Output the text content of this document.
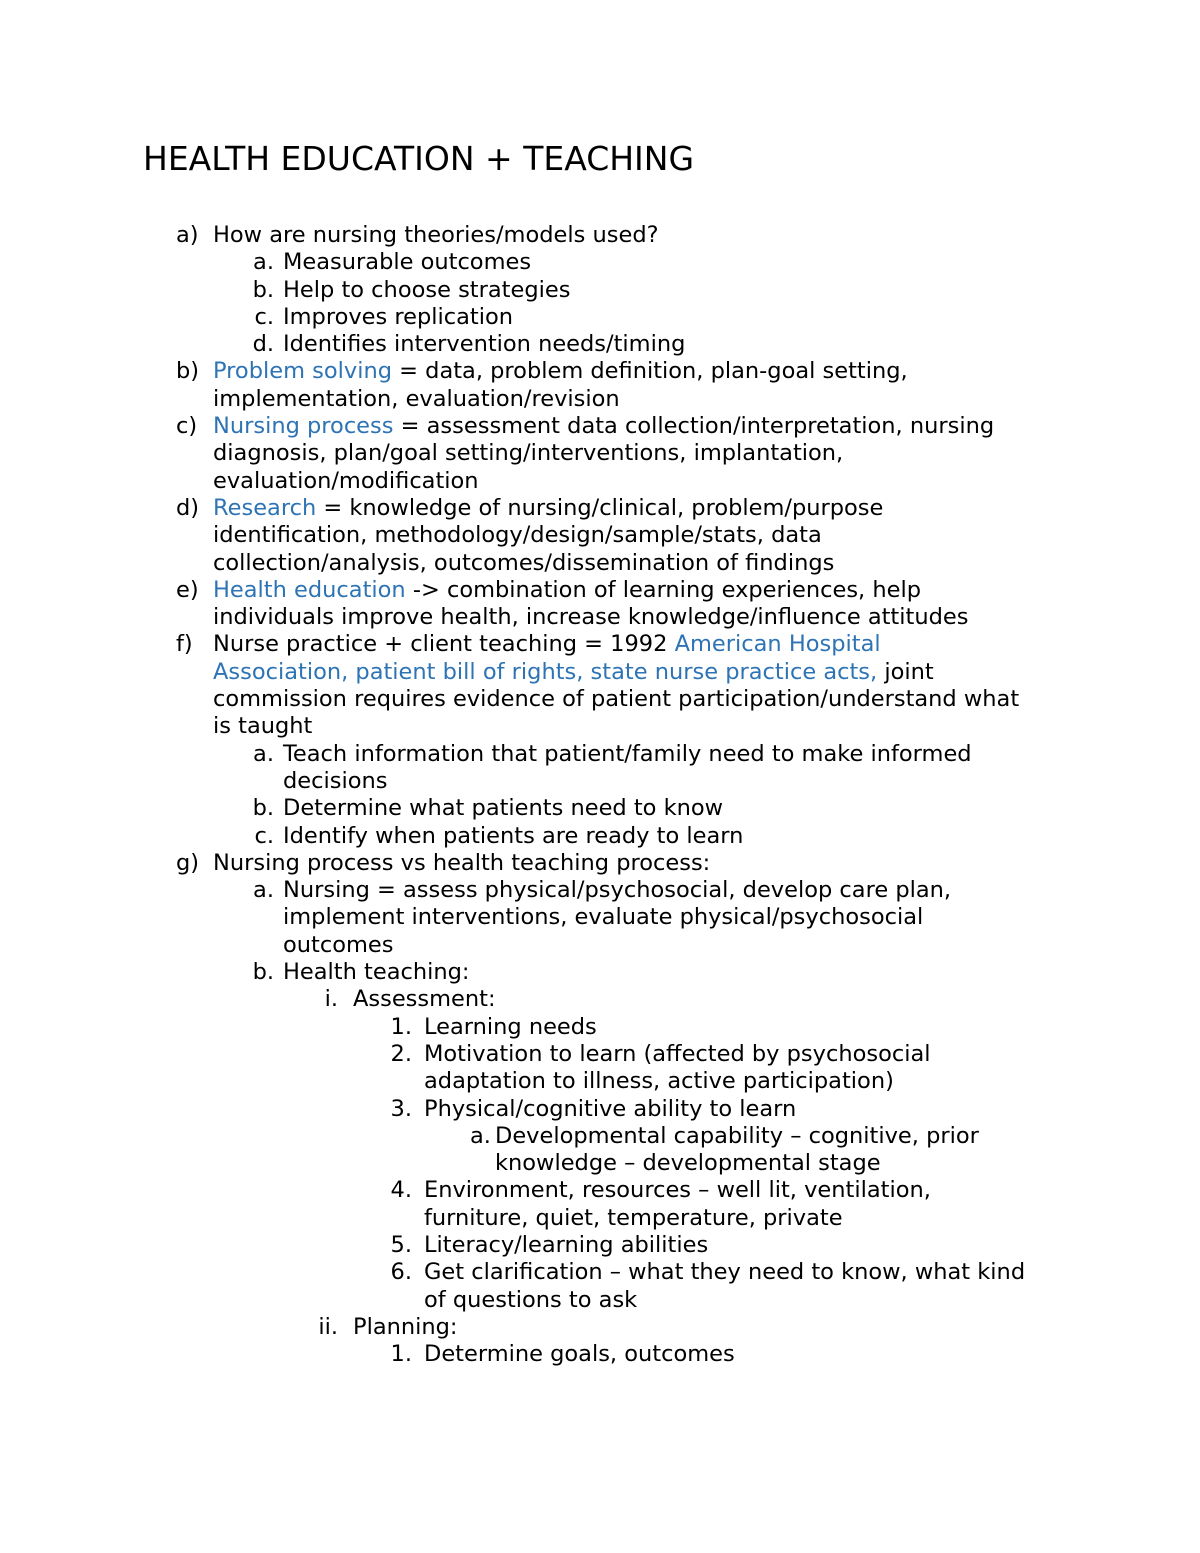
HEALTH EDUCATION + TEACHING
a) How are nursing theories/models used?
a. Measurable outcomes
b. Help to choose strategies
c. Improves replication
d. Identifies intervention needs/timing
b) Problem solving = data, problem definition, plan-goal setting,
implementation, evaluation/revision
c) Nursing process = assessment data collection/interpretation, nursing
diagnosis, plan/goal setting/interventions, implantation,
evaluation/modification
d) Research = knowledge of nursing/clinical, problem/purpose
identification, methodology/design/sample/stats, data
collection/analysis, outcomes/dissemination of findings
e) Health education -> combination of learning experiences, help
individuals improve health, increase knowledge/influence attitudes
f) Nurse practice + client teaching = 1992 American Hospital
Association, patient bill of rights, state nurse practice acts, joint
commission requires evidence of patient participation/understand what
is taught
a. Teach information that patient/family need to make informed
decisions
b. Determine what patients need to know
c. Identify when patients are ready to learn
g) Nursing process vs health teaching process:
a. Nursing = assess physical/psychosocial, develop care plan,
implement interventions, evaluate physical/psychosocial
outcomes
b. Health teaching:
i. Assessment:
1. Learning needs
2. Motivation to learn (affected by psychosocial
adaptation to illness, active participation)
3. Physical/cognitive ability to learn
a. Developmental capability – cognitive, prior
knowledge – developmental stage
4. Environment, resources – well lit, ventilation,
furniture, quiet, temperature, private
5. Literacy/learning abilities
6. Get clarification – what they need to know, what kind
of questions to ask
ii. Planning:
1. Determine goals, outcomes
